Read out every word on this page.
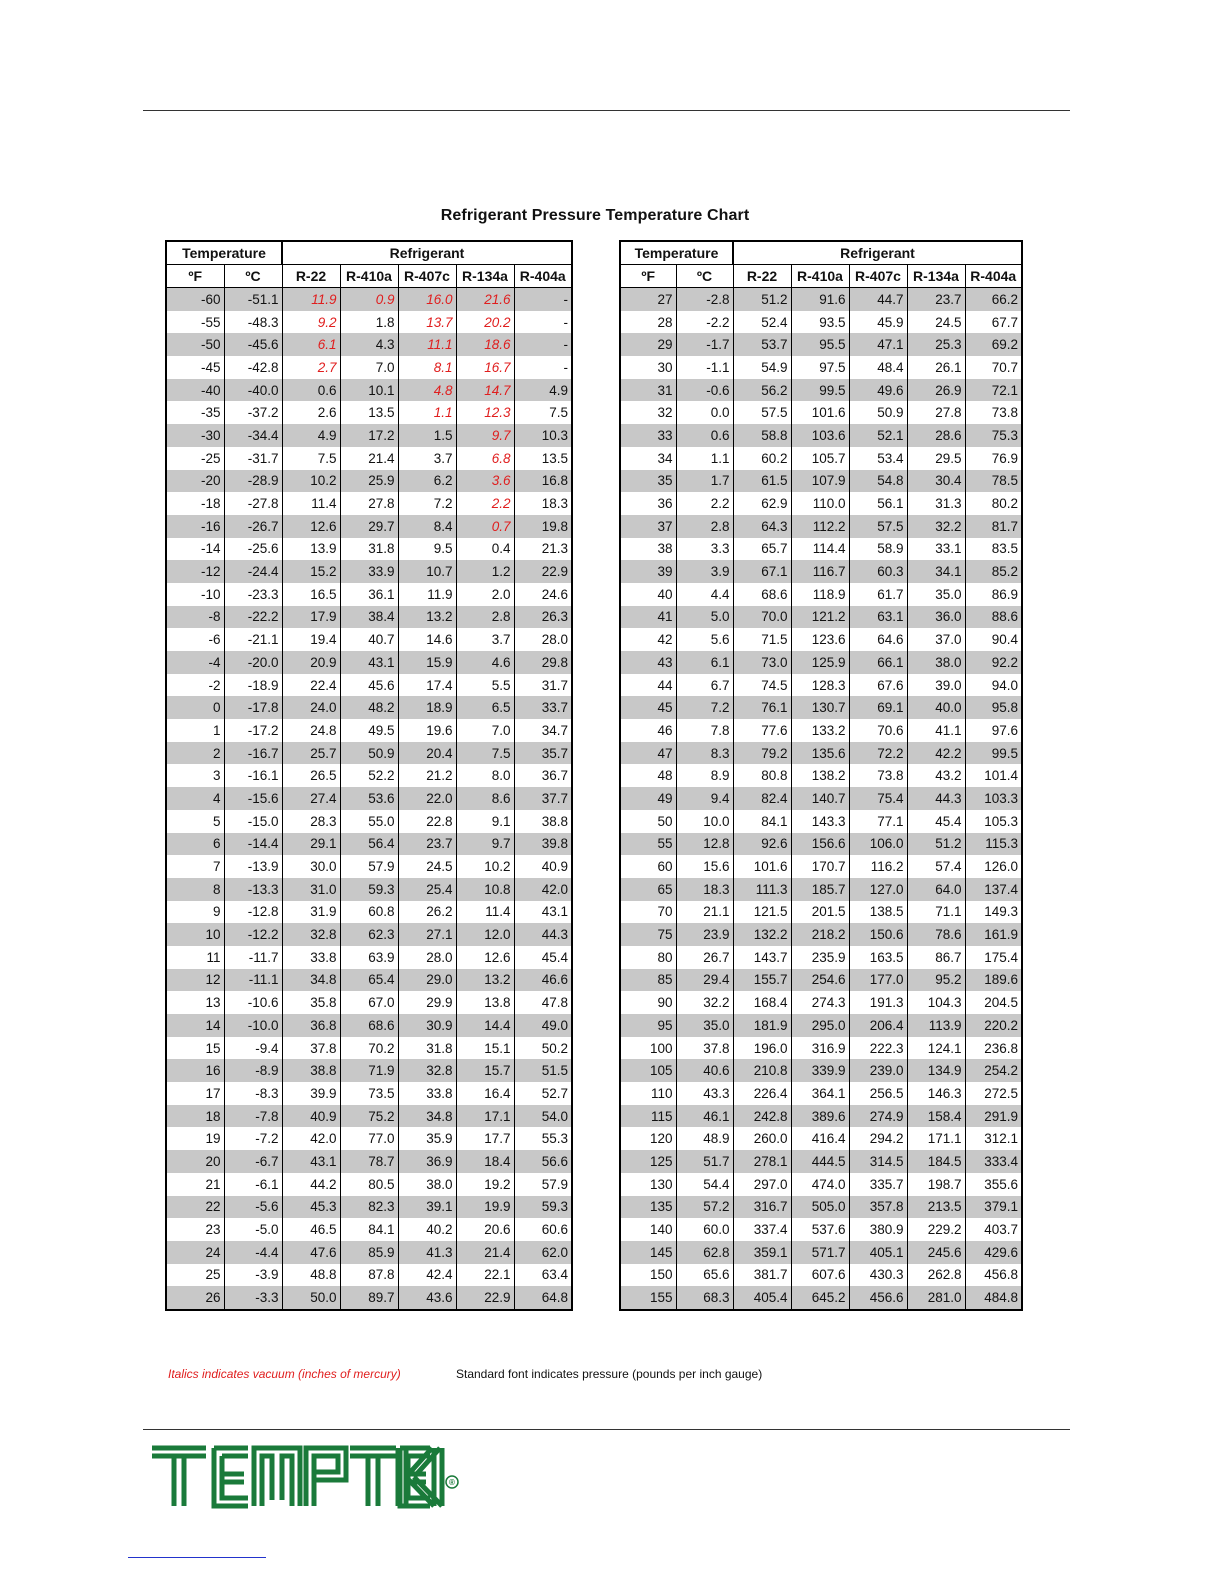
Refrigerant Pressure Temperature Chart
Temperature		Refrigerant				
ºF	ºC	R-22	R-410a	R-407c	R-134a	R-404a
-60	-51.1	11.9	0.9	16.0	21.6	-
-55	-48.3	9.2	1.8	13.7	20.2	-
-50	-45.6	6.1	4.3	11.1	18.6	-
-45	-42.8	2.7	7.0	8.1	16.7	-
-40	-40.0	0.6	10.1	4.8	14.7	4.9
-35	-37.2	2.6	13.5	1.1	12.3	7.5
-30	-34.4	4.9	17.2	1.5	9.7	10.3
-25	-31.7	7.5	21.4	3.7	6.8	13.5
-20	-28.9	10.2	25.9	6.2	3.6	16.8
-18	-27.8	11.4	27.8	7.2	2.2	18.3
-16	-26.7	12.6	29.7	8.4	0.7	19.8
-14	-25.6	13.9	31.8	9.5	0.4	21.3
-12	-24.4	15.2	33.9	10.7	1.2	22.9
-10	-23.3	16.5	36.1	11.9	2.0	24.6
-8	-22.2	17.9	38.4	13.2	2.8	26.3
-6	-21.1	19.4	40.7	14.6	3.7	28.0
-4	-20.0	20.9	43.1	15.9	4.6	29.8
-2	-18.9	22.4	45.6	17.4	5.5	31.7
0	-17.8	24.0	48.2	18.9	6.5	33.7
1	-17.2	24.8	49.5	19.6	7.0	34.7
2	-16.7	25.7	50.9	20.4	7.5	35.7
3	-16.1	26.5	52.2	21.2	8.0	36.7
4	-15.6	27.4	53.6	22.0	8.6	37.7
5	-15.0	28.3	55.0	22.8	9.1	38.8
6	-14.4	29.1	56.4	23.7	9.7	39.8
7	-13.9	30.0	57.9	24.5	10.2	40.9
8	-13.3	31.0	59.3	25.4	10.8	42.0
9	-12.8	31.9	60.8	26.2	11.4	43.1
10	-12.2	32.8	62.3	27.1	12.0	44.3
11	-11.7	33.8	63.9	28.0	12.6	45.4
12	-11.1	34.8	65.4	29.0	13.2	46.6
13	-10.6	35.8	67.0	29.9	13.8	47.8
14	-10.0	36.8	68.6	30.9	14.4	49.0
15	-9.4	37.8	70.2	31.8	15.1	50.2
16	-8.9	38.8	71.9	32.8	15.7	51.5
17	-8.3	39.9	73.5	33.8	16.4	52.7
18	-7.8	40.9	75.2	34.8	17.1	54.0
19	-7.2	42.0	77.0	35.9	17.7	55.3
20	-6.7	43.1	78.7	36.9	18.4	56.6
21	-6.1	44.2	80.5	38.0	19.2	57.9
22	-5.6	45.3	82.3	39.1	19.9	59.3
23	-5.0	46.5	84.1	40.2	20.6	60.6
24	-4.4	47.6	85.9	41.3	21.4	62.0
25	-3.9	48.8	87.8	42.4	22.1	63.4
26	-3.3	50.0	89.7	43.6	22.9	64.8
Temperature		Refrigerant				
ºF	ºC	R-22	R-410a	R-407c	R-134a	R-404a
27	-2.8	51.2	91.6	44.7	23.7	66.2
28	-2.2	52.4	93.5	45.9	24.5	67.7
29	-1.7	53.7	95.5	47.1	25.3	69.2
30	-1.1	54.9	97.5	48.4	26.1	70.7
31	-0.6	56.2	99.5	49.6	26.9	72.1
32	0.0	57.5	101.6	50.9	27.8	73.8
33	0.6	58.8	103.6	52.1	28.6	75.3
34	1.1	60.2	105.7	53.4	29.5	76.9
35	1.7	61.5	107.9	54.8	30.4	78.5
36	2.2	62.9	110.0	56.1	31.3	80.2
37	2.8	64.3	112.2	57.5	32.2	81.7
38	3.3	65.7	114.4	58.9	33.1	83.5
39	3.9	67.1	116.7	60.3	34.1	85.2
40	4.4	68.6	118.9	61.7	35.0	86.9
41	5.0	70.0	121.2	63.1	36.0	88.6
42	5.6	71.5	123.6	64.6	37.0	90.4
43	6.1	73.0	125.9	66.1	38.0	92.2
44	6.7	74.5	128.3	67.6	39.0	94.0
45	7.2	76.1	130.7	69.1	40.0	95.8
46	7.8	77.6	133.2	70.6	41.1	97.6
47	8.3	79.2	135.6	72.2	42.2	99.5
48	8.9	80.8	138.2	73.8	43.2	101.4
49	9.4	82.4	140.7	75.4	44.3	103.3
50	10.0	84.1	143.3	77.1	45.4	105.3
55	12.8	92.6	156.6	106.0	51.2	115.3
60	15.6	101.6	170.7	116.2	57.4	126.0
65	18.3	111.3	185.7	127.0	64.0	137.4
70	21.1	121.5	201.5	138.5	71.1	149.3
75	23.9	132.2	218.2	150.6	78.6	161.9
80	26.7	143.7	235.9	163.5	86.7	175.4
85	29.4	155.7	254.6	177.0	95.2	189.6
90	32.2	168.4	274.3	191.3	104.3	204.5
95	35.0	181.9	295.0	206.4	113.9	220.2
100	37.8	196.0	316.9	222.3	124.1	236.8
105	40.6	210.8	339.9	239.0	134.9	254.2
110	43.3	226.4	364.1	256.5	146.3	272.5
115	46.1	242.8	389.6	274.9	158.4	291.9
120	48.9	260.0	416.4	294.2	171.1	312.1
125	51.7	278.1	444.5	314.5	184.5	333.4
130	54.4	297.0	474.0	335.7	198.7	355.6
135	57.2	316.7	505.0	357.8	213.5	379.1
140	60.0	337.4	537.6	380.9	229.2	403.7
145	62.8	359.1	571.7	405.1	245.6	429.6
150	65.6	381.7	607.6	430.3	262.8	456.8
155	68.3	405.4	645.2	456.6	281.0	484.8
Italics indicates vacuum (inches of mercury)	Standard font indicates pressure (pounds per inch gauge)
®
